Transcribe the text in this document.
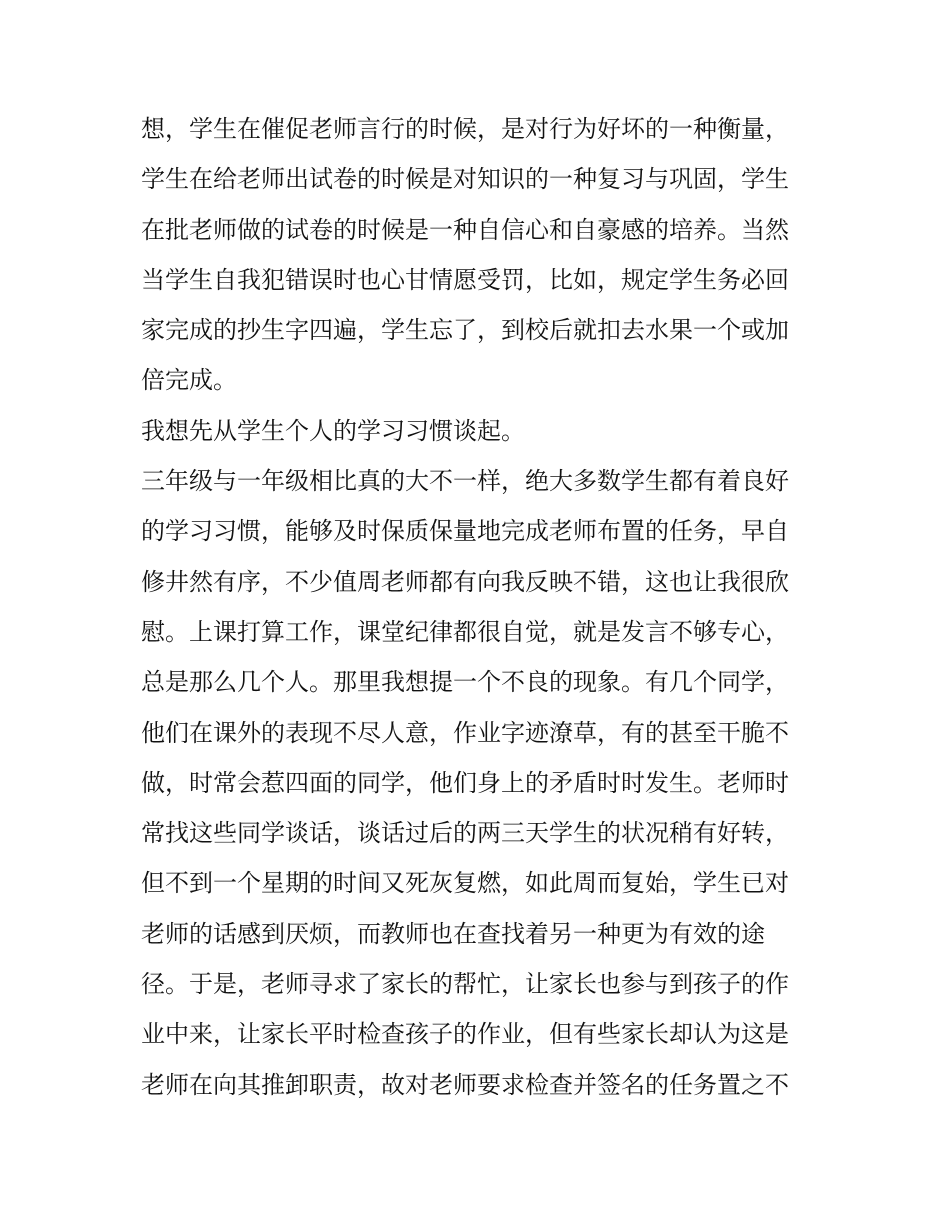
想，学生在催促老师言行的时候，是对行为好坏的一种衡量，

学生在给老师出试卷的时候是对知识的一种复习与巩固，学生

在批老师做的试卷的时候是一种自信心和自豪感的培养。当然

当学生自我犯错误时也心甘情愿受罚，比如，规定学生务必回

家完成的抄生字四遍，学生忘了，到校后就扣去水果一个或加

倍完成。

我想先从学生个人的学习习惯谈起。

三年级与一年级相比真的大不一样，绝大多数学生都有着良好

的学习习惯，能够及时保质保量地完成老师布置的任务，早自

修井然有序，不少值周老师都有向我反映不错，这也让我很欣

慰。上课打算工作，课堂纪律都很自觉，就是发言不够专心，

总是那么几个人。那里我想提一个不良的现象。有几个同学，

他们在课外的表现不尽人意，作业字迹潦草，有的甚至干脆不

做，时常会惹四面的同学，他们身上的矛盾时时发生。老师时

常找这些同学谈话，谈话过后的两三天学生的状况稍有好转，

但不到一个星期的时间又死灰复燃，如此周而复始，学生已对

老师的话感到厌烦，而教师也在查找着另一种更为有效的途

径。于是，老师寻求了家长的帮忙，让家长也参与到孩子的作

业中来，让家长平时检查孩子的作业，但有些家长却认为这是

老师在向其推卸职责，故对老师要求检查并签名的任务置之不
